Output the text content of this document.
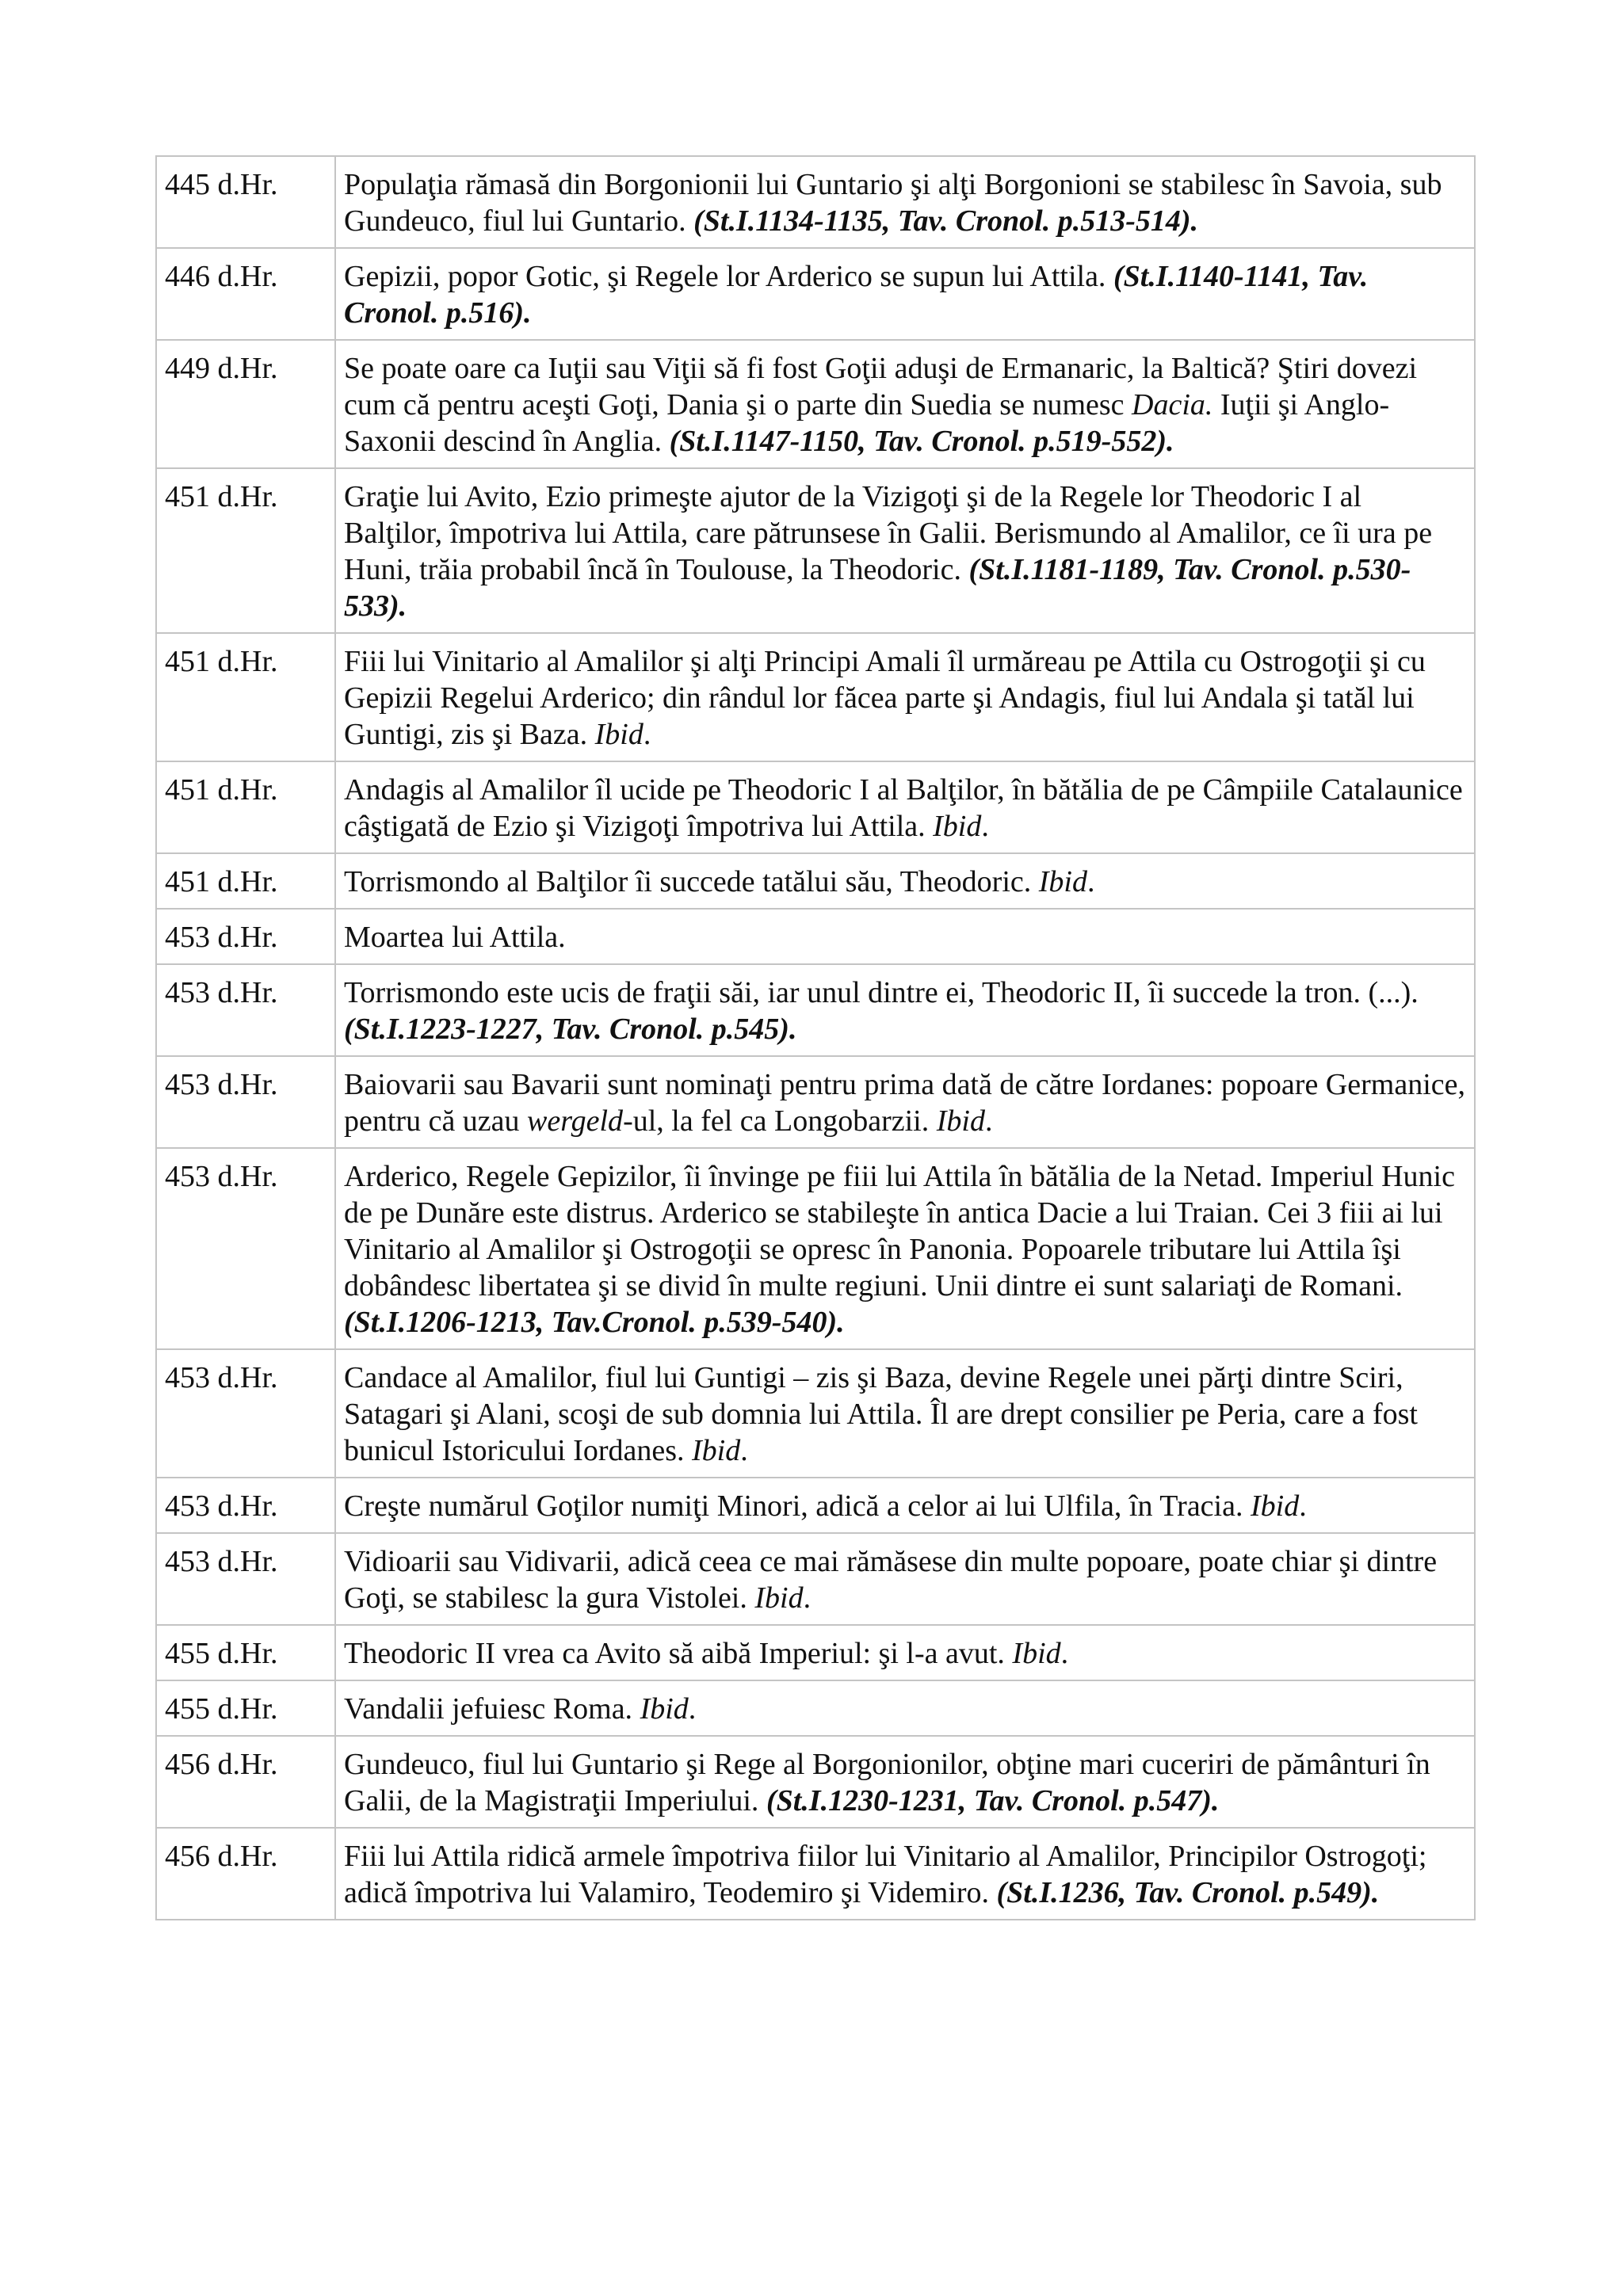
445 d.Hr.	Populaţia rămasă din Borgonionii lui Guntario şi alţi Borgonioni se stabilesc în Savoia, sub Gundeuco, fiul lui Guntario. (St.I.1134-1135, Tav. Cronol. p.513-514).
446 d.Hr.	Gepizii, popor Gotic, şi Regele lor Arderico se supun lui Attila. (St.I.1140-1141, Tav. Cronol. p.516).
449 d.Hr.	Se poate oare ca Iuţii sau Viţii să fi fost Goţii aduşi de Ermanaric, la Baltică? Ştiri dovezi cum că pentru aceşti Goţi, Dania şi o parte din Suedia se numesc Dacia. Iuţii şi Anglo-Saxonii descind în Anglia. (St.I.1147-1150, Tav. Cronol. p.519-552).
451 d.Hr.	Graţie lui Avito, Ezio primeşte ajutor de la Vizigoţi şi de la Regele lor Theodoric I al Balţilor, împotriva lui Attila, care pătrunsese în Galii. Berismundo al Amalilor, ce îi ura pe Huni, trăia probabil încă în Toulouse, la Theodoric. (St.I.1181-1189, Tav. Cronol. p.530-533).
451 d.Hr.	Fiii lui Vinitario al Amalilor şi alţi Principi Amali îl urmăreau pe Attila cu Ostrogoţii şi cu Gepizii Regelui Arderico; din rândul lor făcea parte şi Andagis, fiul lui Andala şi tatăl lui Guntigi, zis şi Baza. Ibid.
451 d.Hr.	Andagis al Amalilor îl ucide pe Theodoric I al Balţilor, în bătălia de pe Câmpiile Catalaunice câştigată de Ezio şi Vizigoţi împotriva lui Attila. Ibid.
451 d.Hr.	Torrismondo al Balţilor îi succede tatălui său, Theodoric. Ibid.
453 d.Hr.	Moartea lui Attila.
453 d.Hr.	Torrismondo este ucis de fraţii săi, iar unul dintre ei, Theodoric II, îi succede la tron. (...). (St.I.1223-1227, Tav. Cronol. p.545).
453 d.Hr.	Baiovarii sau Bavarii sunt nominaţi pentru prima dată de către Iordanes: popoare Germanice, pentru că uzau wergeld-ul, la fel ca Longobarzii. Ibid.
453 d.Hr.	Arderico, Regele Gepizilor, îi învinge pe fiii lui Attila în bătălia de la Netad. Imperiul Hunic de pe Dunăre este distrus. Arderico se stabileşte în antica Dacie a lui Traian. Cei 3 fiii ai lui Vinitario al Amalilor şi Ostrogoţii se opresc în Panonia. Popoarele tributare lui Attila îşi dobândesc libertatea şi se divid în multe regiuni. Unii dintre ei sunt salariaţi de Romani. (St.I.1206-1213, Tav.Cronol. p.539-540).
453 d.Hr.	Candace al Amalilor, fiul lui Guntigi – zis şi Baza, devine Regele unei părţi dintre Sciri, Satagari şi Alani, scoşi de sub domnia lui Attila. Îl are drept consilier pe Peria, care a fost bunicul Istoricului Iordanes. Ibid.
453 d.Hr.	Creşte numărul Goţilor numiţi Minori, adică a celor ai lui Ulfila, în Tracia. Ibid.
453 d.Hr.	Vidioarii sau Vidivarii, adică ceea ce mai rămăsese din multe popoare, poate chiar şi dintre Goţi, se stabilesc la gura Vistolei. Ibid.
455 d.Hr.	Theodoric II vrea ca Avito să aibă Imperiul: şi l-a avut. Ibid.
455 d.Hr.	Vandalii jefuiesc Roma. Ibid.
456 d.Hr.	Gundeuco, fiul lui Guntario şi Rege al Borgonionilor, obţine mari cuceriri de pământuri în Galii, de la Magistraţii Imperiului. (St.I.1230-1231, Tav. Cronol. p.547).
456 d.Hr.	Fiii lui Attila ridică armele împotriva fiilor lui Vinitario al Amalilor, Principilor Ostrogoţi; adică împotriva lui Valamiro, Teodemiro şi Videmiro. (St.I.1236, Tav. Cronol. p.549).
